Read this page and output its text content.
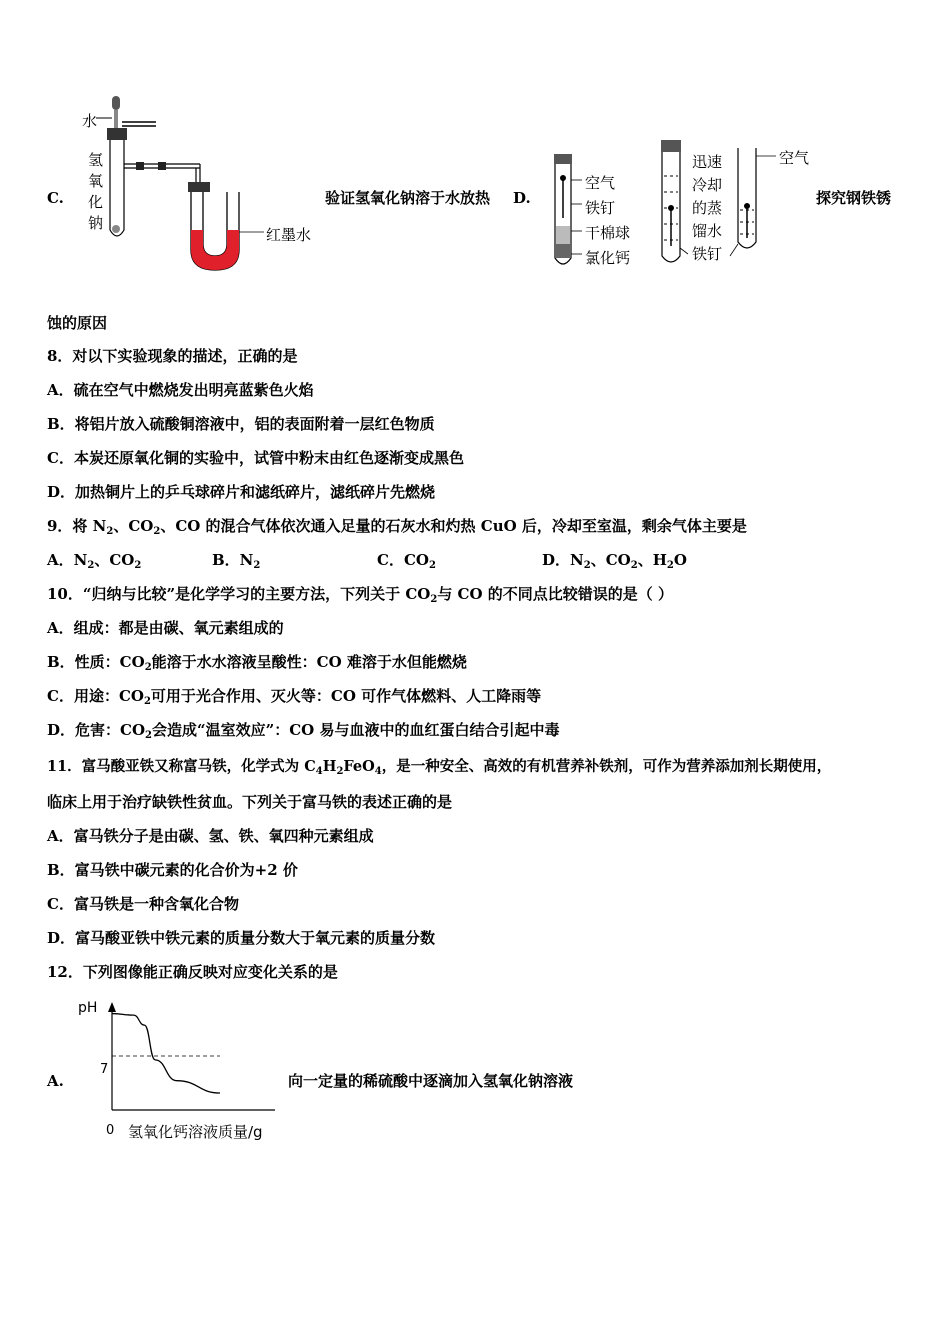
C.
水
氢
氧
化
钠
红墨水
验证氢氧化钠溶于水放热 D.
空气
铁钉
干棉球
氯化钙
迅速
冷却
的蒸
馏水
铁钉
空气
探究钢铁锈
蚀的原因
8．对以下实验现象的描述，正确的是
A．硫在空气中燃烧发出明亮蓝紫色火焰
B．将铝片放入硫酸铜溶液中，铝的表面附着一层红色物质
C．本炭还原氧化铜的实验中，试管中粉末由红色逐渐变成黑色
D．加热铜片上的乒乓球碎片和滤纸碎片，滤纸碎片先燃烧
9．将 $N_2$、$CO_2$、CO 的混合气体依次通入足量的石灰水和灼热 CuO 后，冷却至室温，剩余气体主要是
A．$N_2$、$CO_2$	B．$N_2$	C．$CO_2$	D．$N_2$、$CO_2$、$H_2O$
10．“归纳与比较”是化学学习的主要方法，下列关于 $CO_2$与 CO 的不同点比较错误的是（ ）
A．组成：都是由碳、氧元素组成的
B．性质：$CO_2$能溶于水水溶液呈酸性：CO 难溶于水但能燃烧
C．用途：$CO_2$可用于光合作用、灭火等：CO 可作气体燃料、人工降雨等
D．危害：$CO_2$会造成“温室效应”：CO 易与血液中的血红蛋白结合引起中毒
11．富马酸亚铁又称富马铁，化学式为 $C_4H_2FeO_4$，是一种安全、高效的有机营养补铁剂，可作为营养添加剂长期使用，
临床上用于治疗缺铁性贫血。下列关于富马铁的表述正确的是
A．富马铁分子是由碳、氢、铁、氧四种元素组成
B．富马铁中碳元素的化合价为+2 价
C．富马铁是一种含氧化合物
D．富马酸亚铁中铁元素的质量分数大于氧元素的质量分数
12．下列图像能正确反映对应变化关系的是
A.	向一定量的稀硫酸中逐滴加入氢氧化钠溶液
pH
7
0 氢氧化钙溶液质量/g
